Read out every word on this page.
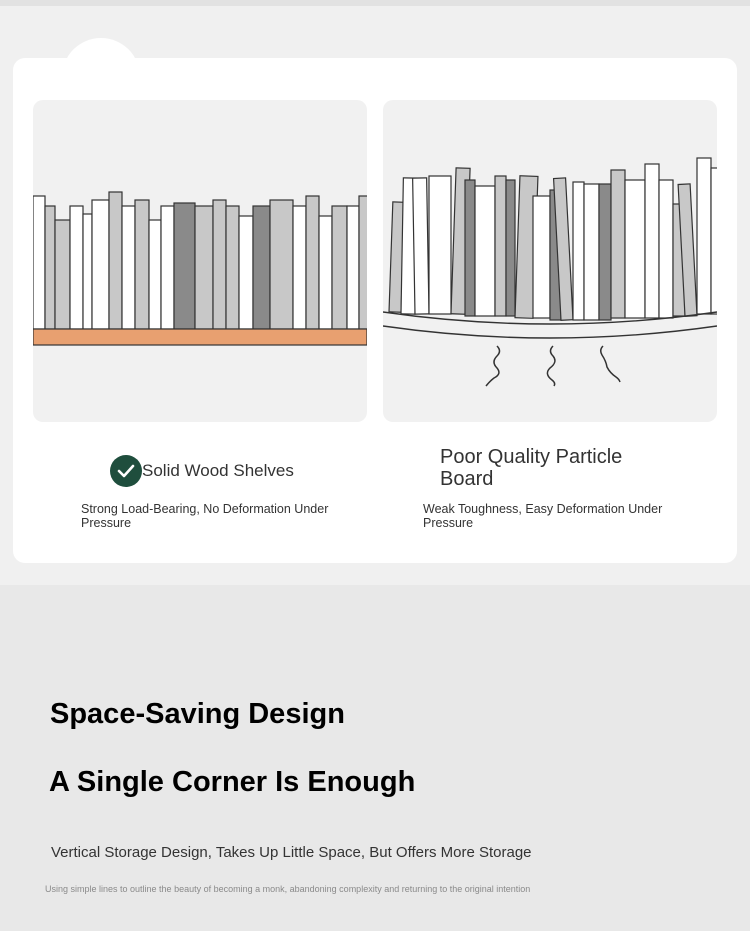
Solid Wood Shelves
Strong Load-Bearing, No Deformation Under Pressure
Poor Quality Particle Board
Weak Toughness, Easy Deformation Under Pressure
Space-Saving Design
A Single Corner Is Enough
Vertical Storage Design, Takes Up Little Space, But Offers More Storage
Using simple lines to outline the beauty of becoming a monk, abandoning complexity and returning to the original intention
